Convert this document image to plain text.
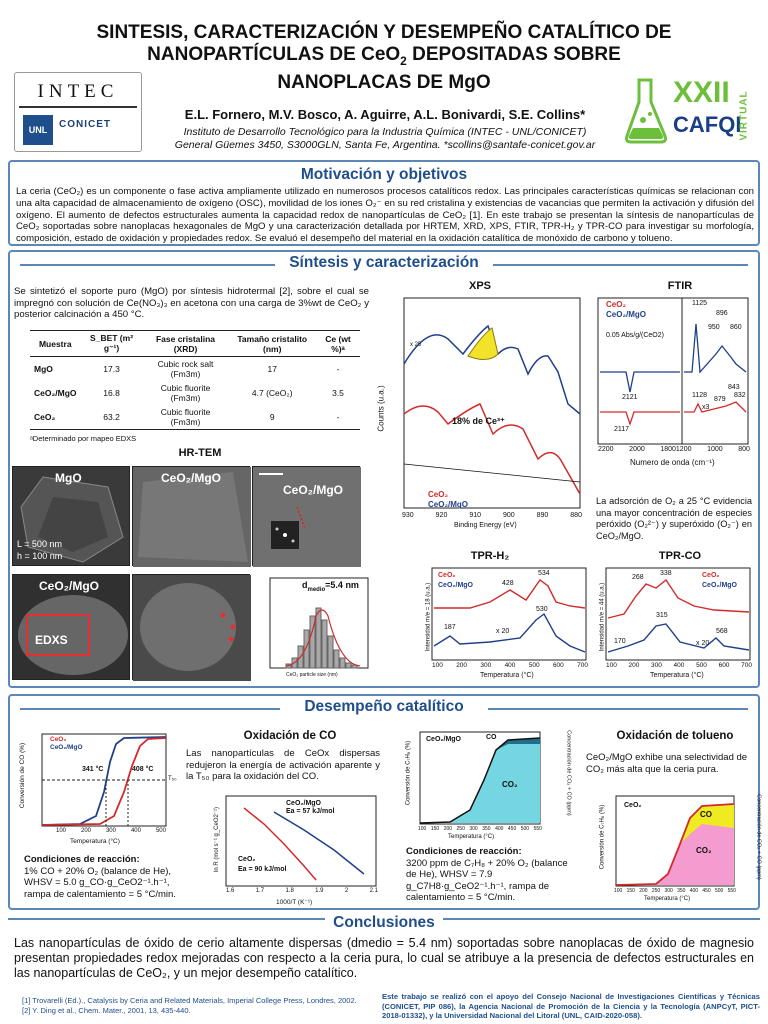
SINTESIS, CARACTERIZACIÓN Y DESEMPEÑO CATALÍTICO DE
NANOPARTÍCULAS DE CeO$_2$ DEPOSITADAS SOBRE
NANOPLACAS DE MgO
INTEC
UNL	CONICET
XXII
CAFQI
VIRTUAL
E.L. Fornero, M.V. Bosco, A. Aguirre, A.L. Bonivardi, S.E. Collins*
Instituto de Desarrollo Tecnológico para la Industria Química (INTEC - UNL/CONICET)
General Güemes 3450, S3000GLN, Santa Fe, Argentina. *scollins@santafe-conicet.gov.ar
Motivación y objetivos
La ceria (CeO₂) es un componente o fase activa ampliamente utilizado en numerosos procesos catalíticos redox. Las principales características químicas se relacionan con una alta capacidad de almacenamiento de oxígeno (OSC), movilidad de los iones O₂⁻ en su red cristalina y existencias de vacancias que permiten la activación y difusión del oxígeno. El aumento de defectos estructurales aumenta la capacidad redox de nanopartículas de CeO₂ [1]. En este trabajo se presentan la síntesis de nanopartículas de CeO₂ soportadas sobre nanoplacas hexagonales de MgO y una caracterización detallada por HRTEM, XRD, XPS, FTIR, TPR-H₂ y TPR-CO para investigar su morfología, composición, estado de oxidación y propiedades redox. Se evaluó el desempeño del material en la oxidación catalítica de monóxido de carbono y tolueno.
Síntesis y caracterización
Se sintetizó el soporte puro (MgO) por síntesis hidrotermal [2], sobre el cual se impregnó con solución de Ce(NO₃)₃ en acetona con una carga de 3%wt de CeO₂ y posterior calcinación a 450 °C.
Muestra	S_BET (m² g⁻¹)	Fase cristalina (XRD)	Tamaño cristalito (nm)	Ce (wt %)ᵃ
MgO	17.3	Cubic rock salt (Fm3m)	17	-
CeO₂/MgO	16.8	Cubic fluorite (Fm3m)	4.7 (CeO₂)	3.5
CeO₂	63.2	Cubic fluorite (Fm3m)	9	-
ᵃDeterminado por mapeo EDXS
HR-TEM
MgO
L = 500 nm
h = 100 nm
CeO₂/MgO
CeO₂/MgO
CeO₂/MgO
EDXS
$d_{medio}=5.4$ nm
CeO₂ particle size (nm)
XPS
Counts (u.a.)	18% de Ce³⁺
x 25
CeO₂
CeO₂/MgO
930	920	910	900	890	880
Binding Energy (eV)
FTIR
CeO₂
CeO₂/MgO
0.05 Abs/g/(CeO2)
1125
896
950 860
2121	1128
843
832
879
x3
2117
2200 2000 18001200 1000 800
Numero de onda (cm⁻¹)
La adsorción de O₂ a 25 °C evidencia una mayor concentración de especies peróxido (O₂²⁻) y superóxido (O₂⁻) en CeO₂/MgO.
TPR-H₂
Intensidad m/e = 18 (u.a.)
CeO₂
CeO₂/MgO
534
428
530
187
x 20
100 200 300 400 500 600 700
Temperatura (°C)
TPR-CO
Intensidad m/e = 44 (u.a.)
CeO₂
CeO₂/MgO
268
338
315
170
568
x 20
100 200 300 400 500 600 700
Temperatura (°C)
Desempeño catalítico
Conversión de CO (%)
CeO₂
CeO₂/MgO
341 °C	408 °C
T₅₀
100 200 300 400 500
Temperatura (°C)
Condiciones de reacción:
1% CO + 20% O₂ (balance de He), WHSV = 5.0 g_CO·g_CeO2⁻¹.h⁻¹, rampa de calentamiento = 5 °C/min.
Oxidación de CO
Las nanopartículas de CeOx dispersas redujeron la energía de activación aparente y la T₅₀ para la oxidación del CO.
ln R (mol s⁻¹ g_CeO2⁻¹)
CeO₂/MgO
Ea = 57 kJ/mol
CeO₂
Ea = 90 kJ/mol
1.6	1.7	1.8	1.9	2	2.1
1000/T (K⁻¹)
Conversión de C₇H₈ (%)	Concentración de CO₂ + CO (ppm)
CeO₂/MgO	CO
CO₂
100 150 200 250 300 350 400 450 500 550
Temperatura (°C)
Condiciones de reacción:
3200 ppm de C₇H₈ + 20% O₂ (balance de He), WHSV = 7.9 g_C7H8·g_CeO2⁻¹.h⁻¹, rampa de calentamiento = 5 °C/min.
Oxidación de tolueno
CeO₂/MgO exhibe una selectividad de CO₂ más alta que la ceria pura.
Conversión de C₇H₈ (%)	Concentración de CO₂ + CO (ppm)
CeO₂
CO
CO₂
100 150 200 250 300 350 400 450 500 550
Temperatura (°C)
Conclusiones
Las nanopartículas de óxido de cerio altamente dispersas (dmedio = 5.4 nm) soportadas sobre nanoplacas de óxido de magnesio presentan propiedades redox mejoradas con respecto a la ceria pura, lo cual se atribuye a la presencia de defectos estructurales en las nanopartículas de CeO₂, y un mejor desempeño catalítico.
[1] Trovarelli (Ed.)., Catalysis by Ceria and Related Materials, Imperial College Press, Londres, 2002.
[2] Y. Ding et al., Chem. Mater., 2001, 13, 435-440.
Este trabajo se realizó con el apoyo del Consejo Nacional de Investigaciones Científicas y Técnicas (CONICET, PIP 086), la Agencia Nacional de Promoción de la Ciencia y la Tecnología (ANPCyT, PICT-2018-01332), y la Universidad Nacional del Litoral (UNL, CAID-2020-058).
